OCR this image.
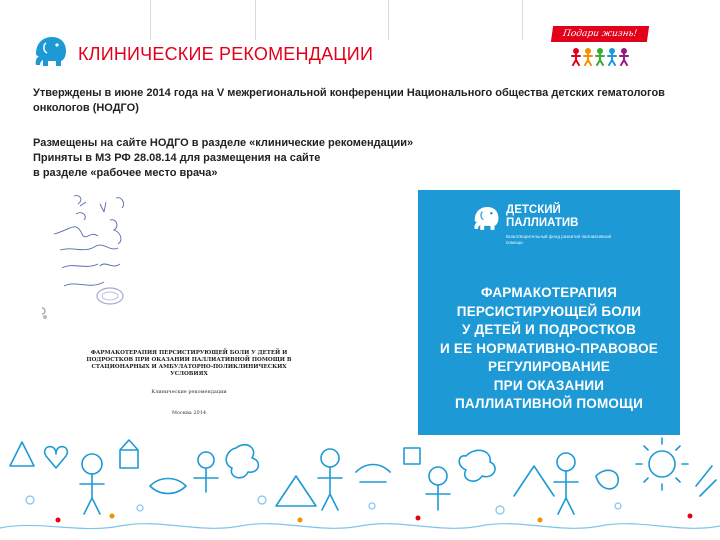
КЛИНИЧЕСКИЕ РЕКОМЕНДАЦИИ
Подари жизнь!

Утверждены в июне 2014 года на V межрегиональной конференции Национального общества детских гематологов онкологов (НОДГО)

Размещены на сайте НОДГО в разделе «клинические рекомендации»

Приняты в МЗ РФ 28.08.14 для размещения на сайте

в разделе «рабочее место врача»

ФАРМАКОТЕРАПИЯ ПЕРСИСТИРУЮЩЕЙ БОЛИ У ДЕТЕЙ И ПОДРОСТКОВ ПРИ ОКАЗАНИИ ПАЛЛИАТИВНОЙ ПОМОЩИ В СТАЦИОНАРНЫХ И АМБУЛАТОРНО-ПОЛИКЛИНИЧЕСКИХ УСЛОВИЯХ
Клинические рекомендации
Москва 2014
ДЕТСКИЙ
ПАЛЛИАТИВ
Благотворительный фонд развития паллиативной помощи
ФАРМАКОТЕРАПИЯ
ПЕРСИСТИРУЮЩЕЙ БОЛИ
У ДЕТЕЙ И ПОДРОСТКОВ
И ЕЕ НОРМАТИВНО-ПРАВОВОЕ
РЕГУЛИРОВАНИЕ
ПРИ ОКАЗАНИИ
ПАЛЛИАТИВНОЙ ПОМОЩИ
